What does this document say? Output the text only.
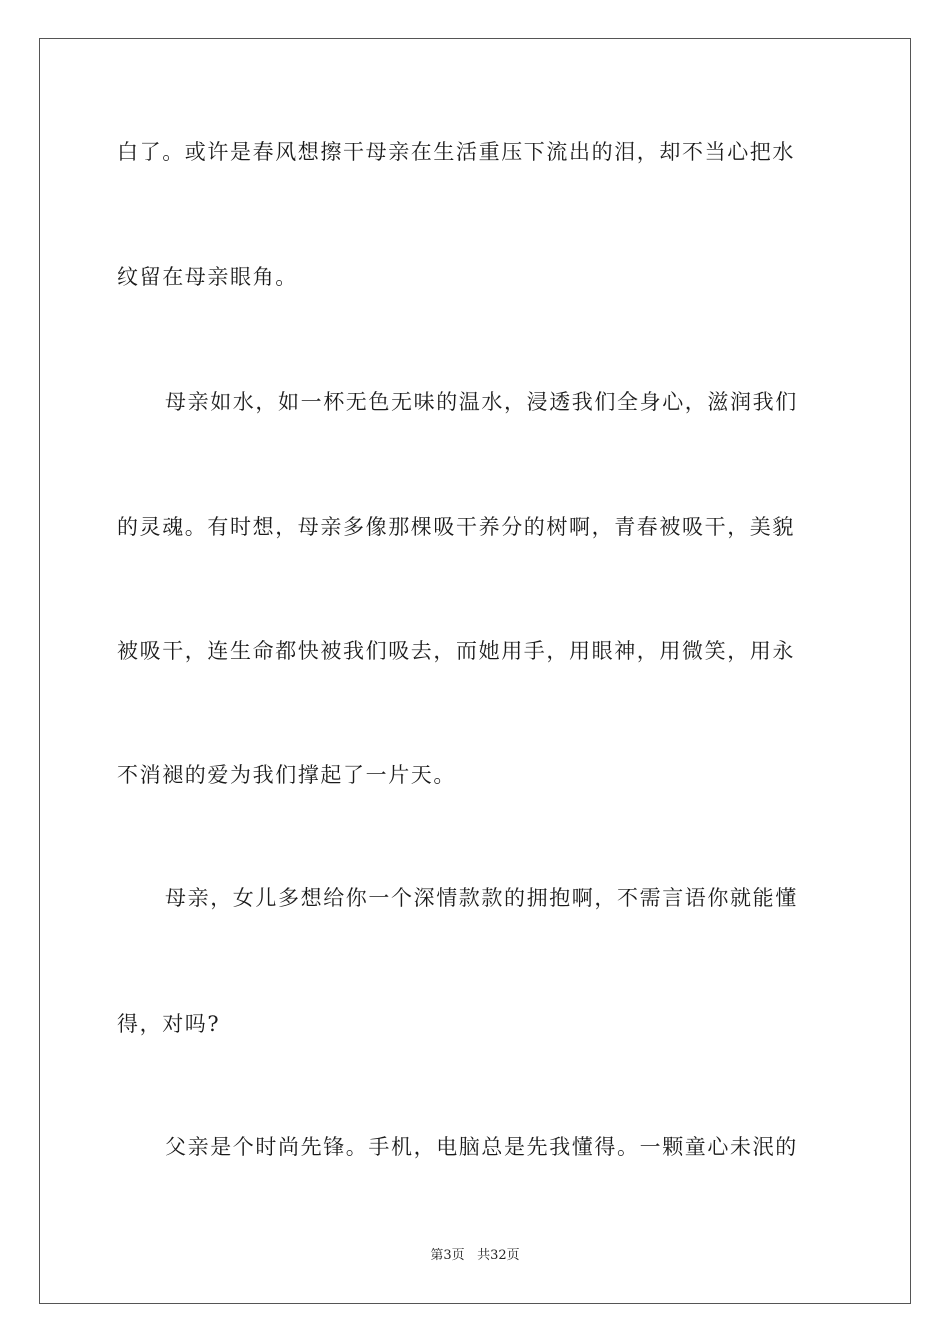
白了。或许是春风想擦干母亲在生活重压下流出的泪，却不当心把水
纹留在母亲眼角。
母亲如水，如一杯无色无味的温水，浸透我们全身心，滋润我们
的灵魂。有时想，母亲多像那棵吸干养分的树啊，青春被吸干，美貌
被吸干，连生命都快被我们吸去，而她用手，用眼神，用微笑，用永
不消褪的爱为我们撑起了一片天。
母亲，女儿多想给你一个深情款款的拥抱啊，不需言语你就能懂
得，对吗?
父亲是个时尚先锋。手机，电脑总是先我懂得。一颗童心未泯的
第3页 共32页
